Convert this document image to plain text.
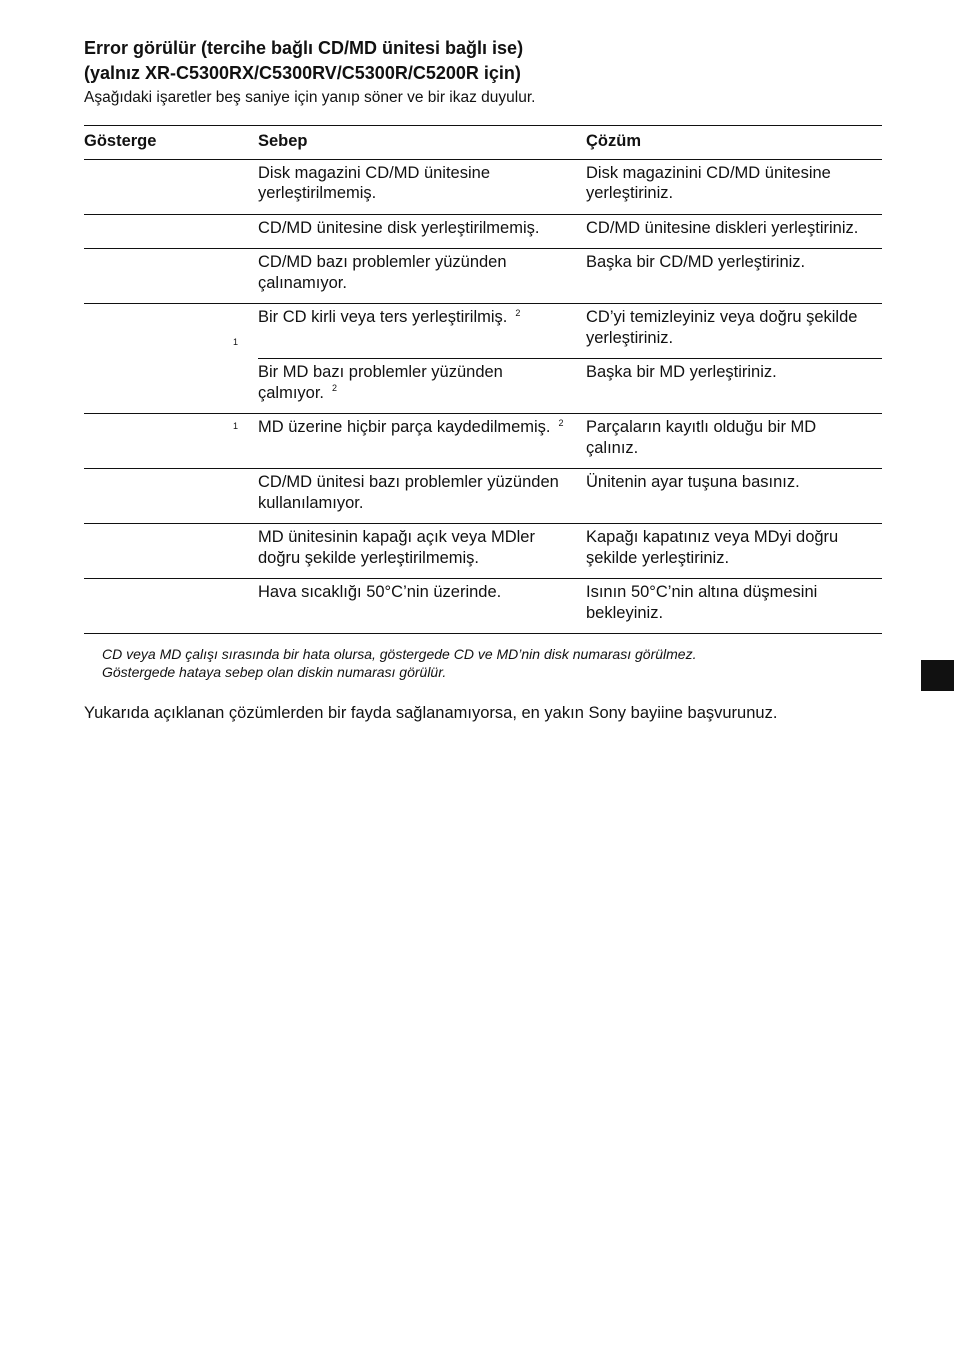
Error görülür (tercihe bağlı CD/MD ünitesi bağlı ise)
(yalnız XR-C5300RX/C5300RV/C5300R/C5200R için)

Aşağıdaki işaretler beş saniye için yanıp söner ve bir ikaz duyulur.

Gösterge	Sebep	Çözüm
	Disk magazini CD/MD ünitesine yerleştirilmemiş.	Disk magazinini CD/MD ünitesine yerleştiriniz.
	CD/MD ünitesine disk yerleştirilmemiş.	CD/MD ünitesine diskleri yerleştiriniz.
	CD/MD bazı problemler yüzünden çalınamıyor.	Başka bir CD/MD yerleştiriniz.

1	Bir CD kirli veya ters yerleştirilmiş. $^2$	CD’yi temizleyiniz veya doğru şekilde yerleştiriniz.
	Bir MD bazı problemler yüzünden çalmıyor. $^2$	Başka bir MD yerleştiriniz.

1	MD üzerine hiçbir parça kaydedilmemiş. $^2$	Parçaların kayıtlı olduğu bir MD çalınız.
	CD/MD ünitesi bazı problemler yüzünden kullanılamıyor.	Ünitenin ayar tuşuna basınız.
	MD ünitesinin kapağı açık veya MDler doğru şekilde yerleştirilmemiş.	Kapağı kapatınız veya MDyi doğru şekilde yerleştiriniz.
	Hava sıcaklığı 50°C’nin üzerinde.	Isının 50°C’nin altına düşmesini bekleyiniz.

CD veya MD çalışı sırasında bir hata olursa, göstergede CD ve MD’nin disk numarası görülmez.

Göstergede hataya sebep olan diskin numarası görülür.

Yukarıda açıklanan çözümlerden bir fayda sağlanamıyorsa, en yakın Sony bayiine başvurunuz.
